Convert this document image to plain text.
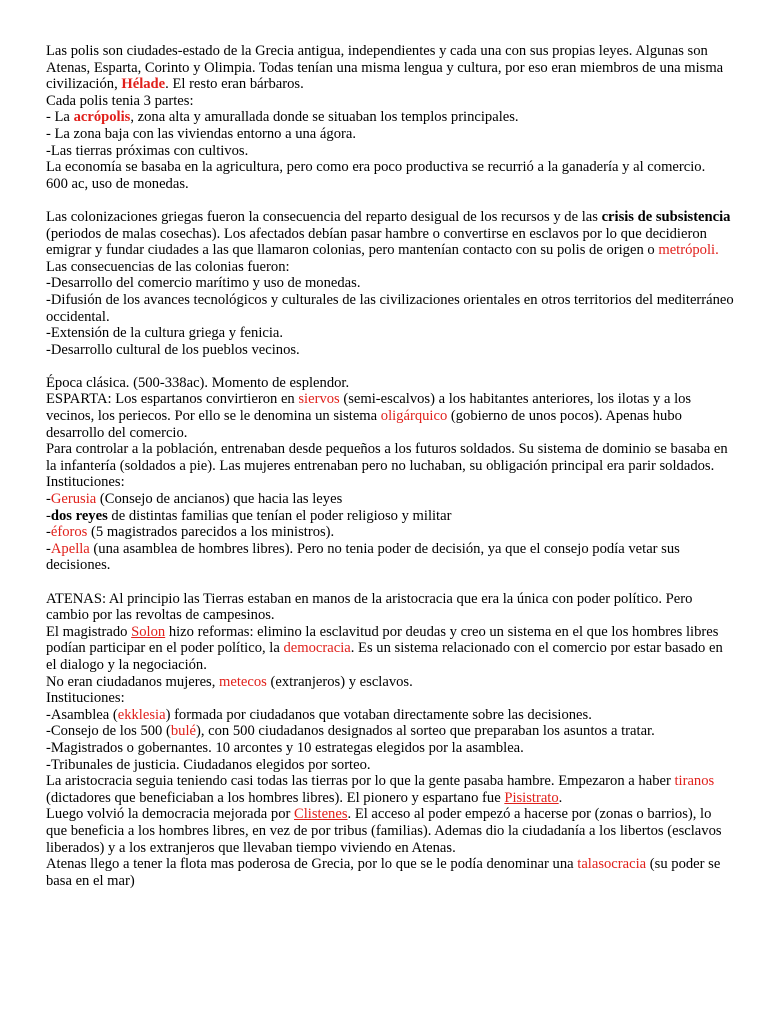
Las polis son ciudades-estado de la Grecia antigua, independientes y cada una con sus propias leyes. Algunas son Atenas, Esparta, Corinto y Olimpia. Todas tenían una misma lengua y cultura, por eso eran miembros de una misma civilización, Hélade. El resto eran bárbaros.

Cada polis tenia 3 partes:

- La acrópolis, zona alta y amurallada donde se situaban los templos principales.

- La zona baja con las viviendas entorno a una ágora.

-Las tierras próximas con cultivos.

La economía se basaba en la agricultura, pero como era poco productiva se recurrió a la ganadería y al comercio.

600 ac, uso de monedas.

Las colonizaciones griegas fueron la consecuencia del reparto desigual de los recursos y de las crisis de subsistencia (periodos de malas cosechas). Los afectados debían pasar hambre o convertirse en esclavos por lo que decidieron emigrar y fundar ciudades a las que llamaron colonias, pero mantenían contacto con su polis de origen o metrópoli.

Las consecuencias de las colonias fueron:

-Desarrollo del comercio marítimo y uso de monedas.

-Difusión de los avances tecnológicos y culturales de las civilizaciones orientales en otros territorios del mediterráneo occidental.

-Extensión de la cultura griega y fenicia.

-Desarrollo cultural de los pueblos vecinos.

Época clásica. (500-338ac). Momento de esplendor.

ESPARTA: Los espartanos convirtieron en siervos (semi-escalvos) a los habitantes anteriores, los ilotas y a los vecinos, los periecos. Por ello se le denomina un sistema oligárquico (gobierno de unos pocos). Apenas hubo desarrollo del comercio.

Para controlar a la población, entrenaban desde pequeños a los futuros soldados. Su sistema de dominio se basaba en la infantería (soldados a pie). Las mujeres entrenaban pero no luchaban, su obligación principal era parir soldados.

Instituciones:

-Gerusia (Consejo de ancianos) que hacia las leyes

-dos reyes de distintas familias que tenían el poder religioso y militar

-éforos (5 magistrados parecidos a los ministros).

-Apella (una asamblea de hombres libres). Pero no tenia poder de decisión, ya que el consejo podía vetar sus decisiones.

ATENAS: Al principio las Tierras estaban en manos de la aristocracia que era la única con poder político. Pero cambio por las revoltas de campesinos.

El magistrado Solon hizo reformas: elimino la esclavitud por deudas y creo un sistema en el que los hombres libres podían participar en el poder político, la democracia. Es un sistema relacionado con el comercio por estar basado en el dialogo y la negociación.

No eran ciudadanos mujeres, metecos (extranjeros) y esclavos.

Instituciones:

-Asamblea (ekklesia) formada por ciudadanos que votaban directamente sobre las decisiones.

-Consejo de los 500 (bulé), con 500 ciudadanos designados al sorteo que preparaban los asuntos a tratar.

-Magistrados o gobernantes. 10 arcontes y 10 estrategas elegidos por la asamblea.

-Tribunales de justicia. Ciudadanos elegidos por sorteo.

La aristocracia seguia teniendo casi todas las tierras por lo que la gente pasaba hambre. Empezaron a haber tiranos (dictadores que beneficiaban a los hombres libres). El pionero y espartano fue Pisistrato.

Luego volvió la democracia mejorada por Clistenes. El acceso al poder empezó a hacerse por (zonas o barrios), lo que beneficia a los hombres libres, en vez de por tribus (familias). Ademas dio la ciudadanía a los libertos (esclavos liberados) y a los extranjeros que llevaban tiempo viviendo en Atenas.

Atenas llego a tener la flota mas poderosa de Grecia, por lo que se le podía denominar una talasocracia (su poder se basa en el mar)
